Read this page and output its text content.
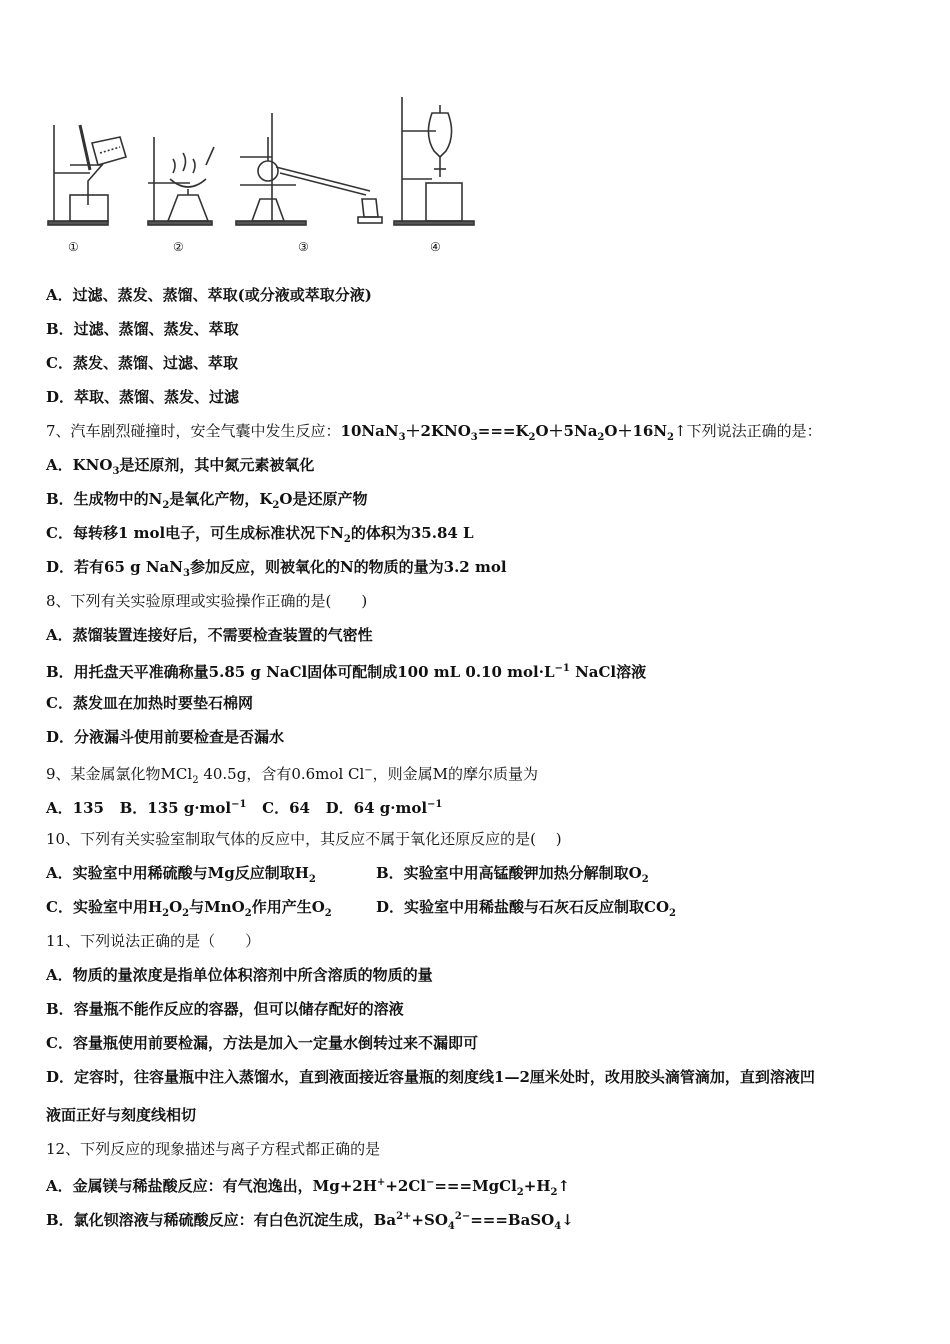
①	②	③	④
A．过滤、蒸发、蒸馏、萃取(或分液或萃取分液)
B．过滤、蒸馏、蒸发、萃取
C．蒸发、蒸馏、过滤、萃取
D．萃取、蒸馏、蒸发、过滤
7、汽车剧烈碰撞时，安全气囊中发生反应：$10NaN_3+2KNO_3===K_2O+5Na_2O+16N_2↑$下列说法正确的是：
A．$KNO_3$是还原剂，其中氮元素被氧化
B．生成物中的$N_2$是氧化产物，$K_2O$是还原产物
C．每转移1 mol电子，可生成标准状况下$N_2$的体积为35.84 L
D．若有65 g NaN$_3$参加反应，则被氧化的N的物质的量为3.2 mol
8、下列有关实验原理或实验操作正确的是(　　)
A．蒸馏装置连接好后，不需要检查装置的气密性
B．用托盘天平准确称量5.85 g NaCl固体可配制成100 mL 0.10 $mol\cdot L^{-1}$ NaCl溶液
C．蒸发皿在加热时要垫石棉网
D．分液漏斗使用前要检查是否漏水
9、某金属氯化物MCl$_2$ 40.5g，含有0.6mol Cl−，则金属M的摩尔质量为
A．135 B．135 g·mol$^{-1}$ C．64 D．64 g·mol$^{-1}$
10、下列有关实验室制取气体的反应中，其反应不属于氧化还原反应的是(　 )
A．实验室中用稀硫酸与Mg反应制取$H_2$	B．实验室中用高锰酸钾加热分解制取$O_2$
C．实验室中用$H_2O_2$与MnO$_2$作用产生$O_2$	D．实验室中用稀盐酸与石灰石反应制取$CO_2$
11、下列说法正确的是（　　）
A．物质的量浓度是指单位体积溶剂中所含溶质的物质的量
B．容量瓶不能作反应的容器，但可以储存配好的溶液
C．容量瓶使用前要检漏，方法是加入一定量水倒转过来不漏即可
D．定容时，往容量瓶中注入蒸馏水，直到液面接近容量瓶的刻度线1—2厘米处时，改用胶头滴管滴加，直到溶液凹
液面正好与刻度线相切
12、下列反应的现象描述与离子方程式都正确的是
A．金属镁与稀盐酸反应：有气泡逸出，$Mg+2H^++2Cl^-===MgCl_2+H_2↑$
B．氯化钡溶液与稀硫酸反应：有白色沉淀生成，$Ba^{2+}+SO_4^{2-}===BaSO_4↓$
